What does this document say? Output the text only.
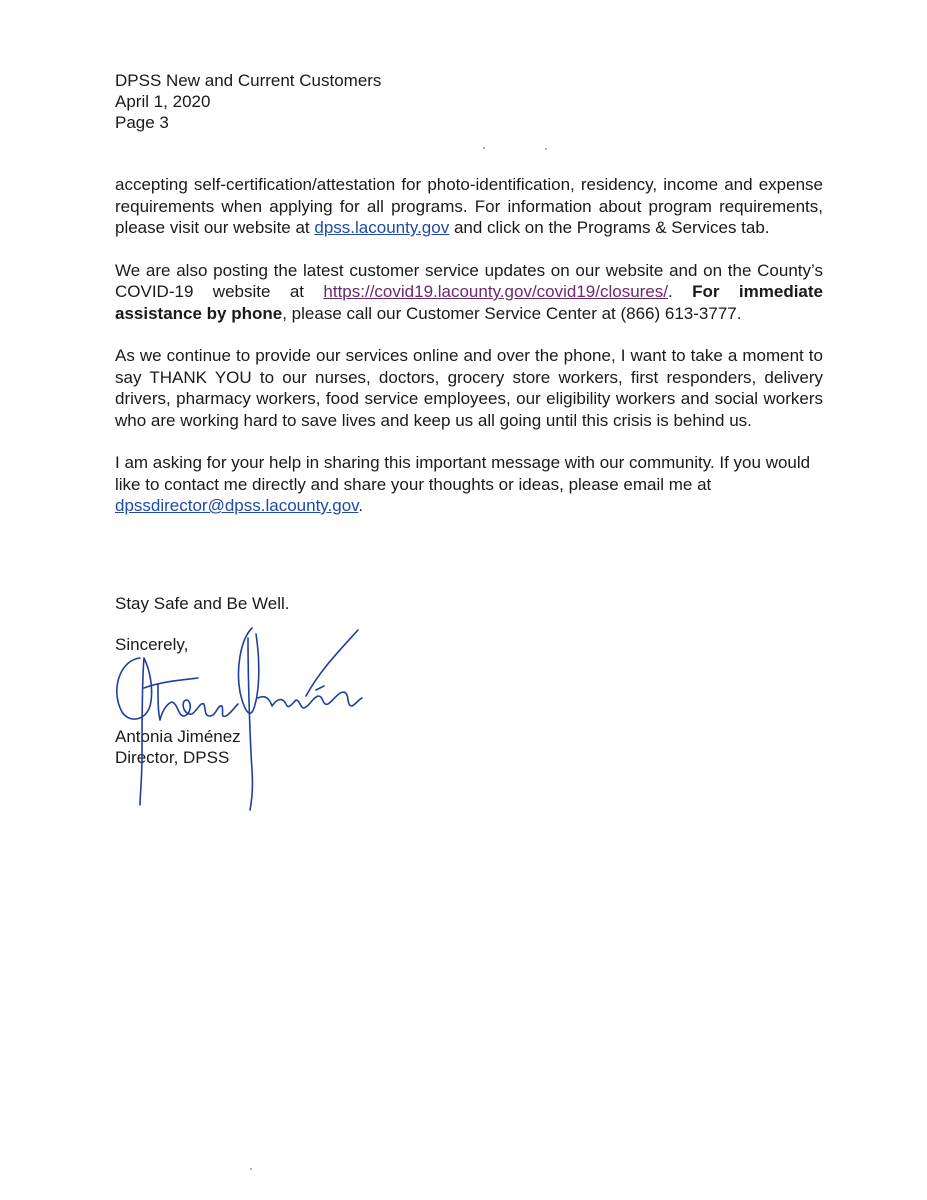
DPSS New and Current Customers
April 1, 2020
Page 3

accepting self-certification/attestation for photo-identification, residency, income and expense requirements when applying for all programs. For information about program requirements, please visit our website at dpss.lacounty.gov and click on the Programs & Services tab.

We are also posting the latest customer service updates on our website and on the County’s COVID-19 website at https://covid19.lacounty.gov/covid19/closures/. For immediate assistance by phone, please call our Customer Service Center at (866) 613-3777.

As we continue to provide our services online and over the phone, I want to take a moment to say THANK YOU to our nurses, doctors, grocery store workers, first responders, delivery drivers, pharmacy workers, food service employees, our eligibility workers and social workers who are working hard to save lives and keep us all going until this crisis is behind us.

I am asking for your help in sharing this important message with our community. If you would like to contact me directly and share your thoughts or ideas, please email me at dpssdirector@dpss.lacounty.gov.

Stay Safe and Be Well.
Sincerely,
Antonia Jiménez
Director, DPSS
